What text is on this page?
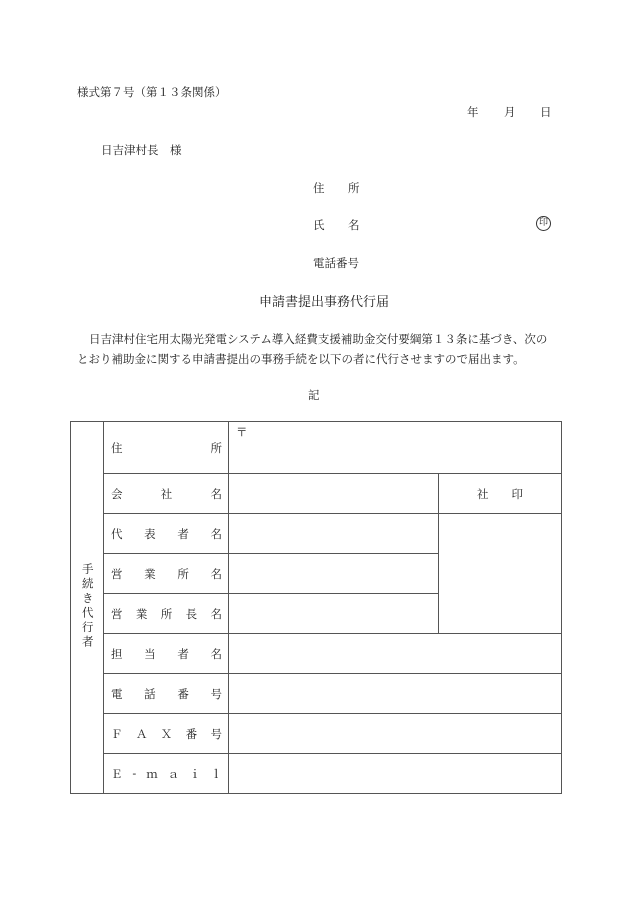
様式第７号（第１３条関係）
年 月 日
日吉津村長　様
住 所
氏 名	印
電話番号
申請書提出事務代行届
日吉津村住宅用太陽光発電システム導入経費支援補助金交付要綱第１３条に基づき、次のとおり補助金に関する申請書提出の事務手続を以下の者に代行させますので届出ます。
記
手続き代行者	住 所	〒	

	会 社 名		社   印

	代 表 者 名		

	営 業 所 名		

	営 業 所 長 名		

	担 当 者 名		

	電 話 番 号		

	Ｆ Ａ Ｘ 番 号		

Ｅ - ｍ ａ ｉ ｌ
